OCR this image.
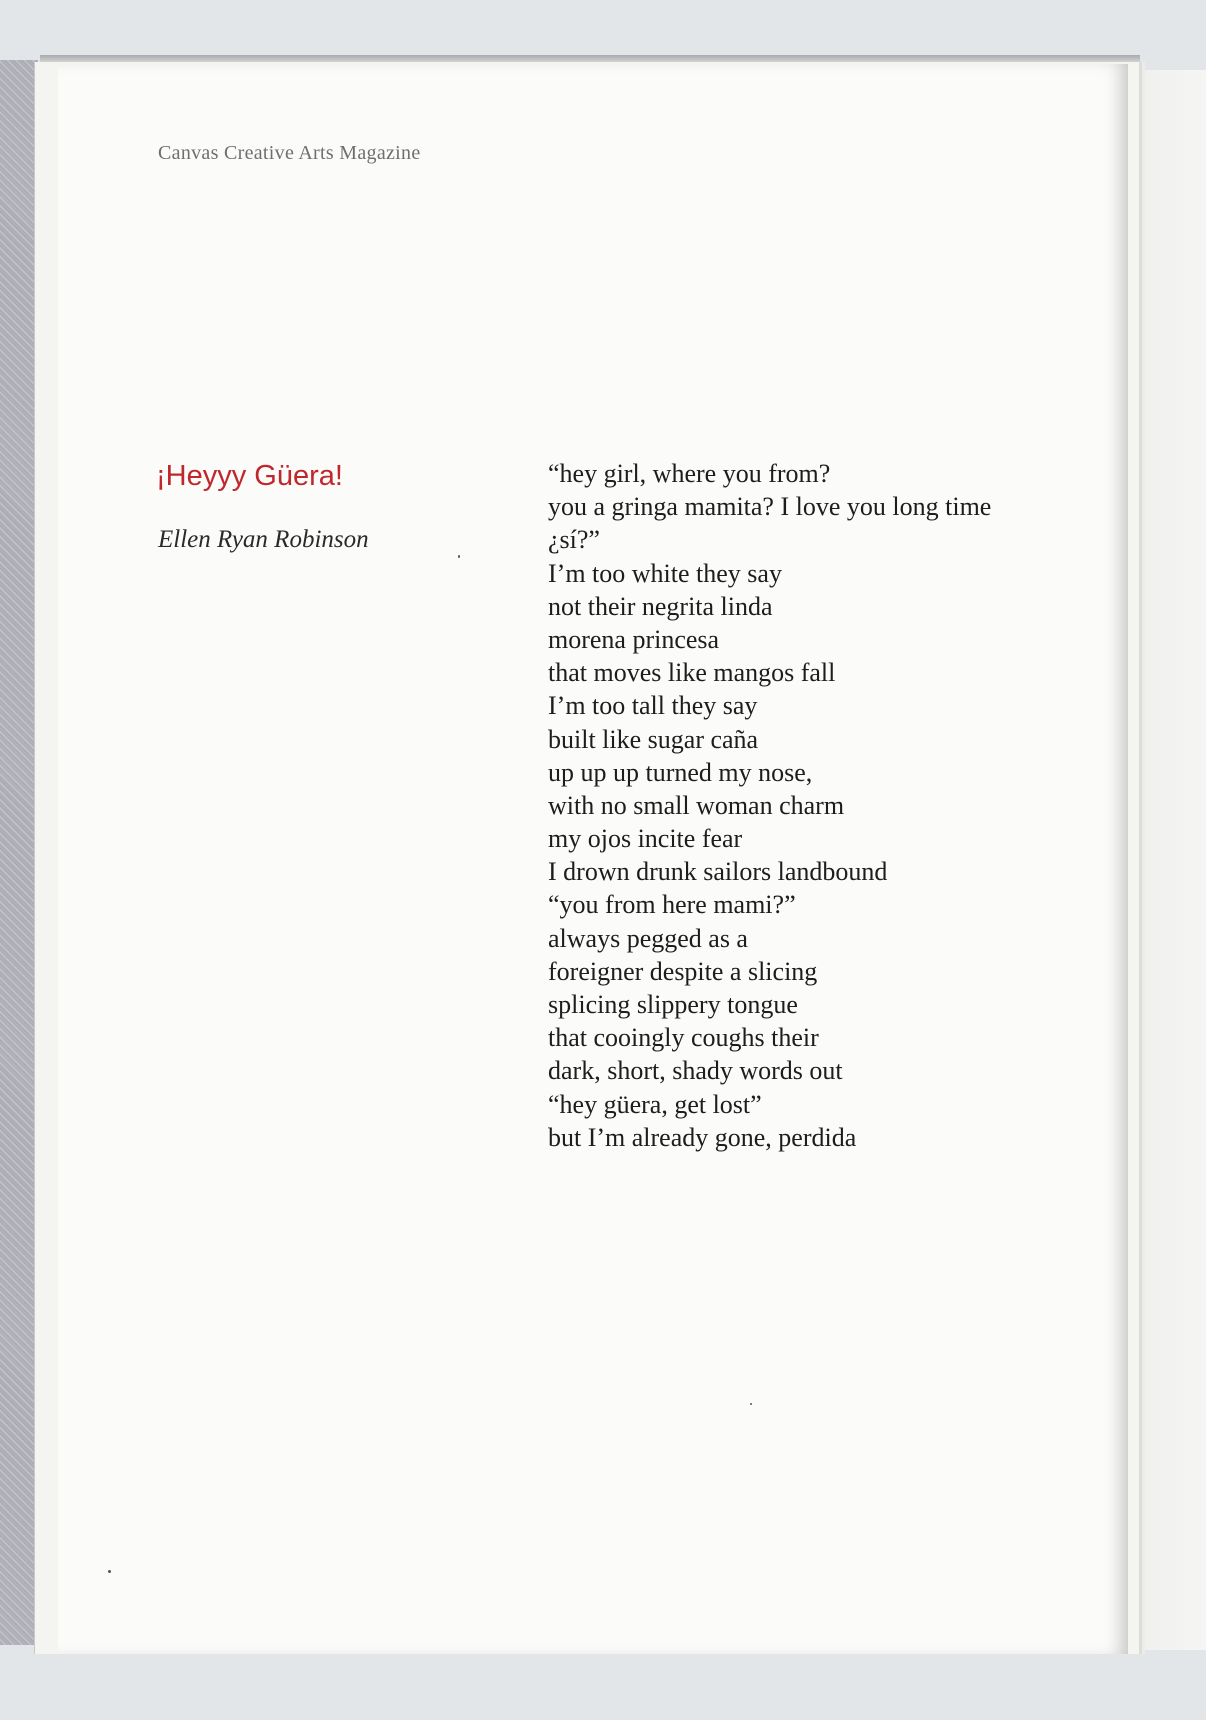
Canvas Creative Arts Magazine

¡Heyyy Güera!

Ellen Ryan Robinson

“hey girl, where you from?
you a gringa mamita? I love you long time
¿sí?”
I’m too white they say
not their negrita linda
morena princesa
that moves like mangos fall
I’m too tall they say
built like sugar caña
up up up turned my nose,
with no small woman charm
my ojos incite fear
I drown drunk sailors landbound
“you from here mami?”
always pegged as a
foreigner despite a slicing
splicing slippery tongue
that cooingly coughs their
dark, short, shady words out
“hey güera, get lost”
but I’m already gone, perdida
